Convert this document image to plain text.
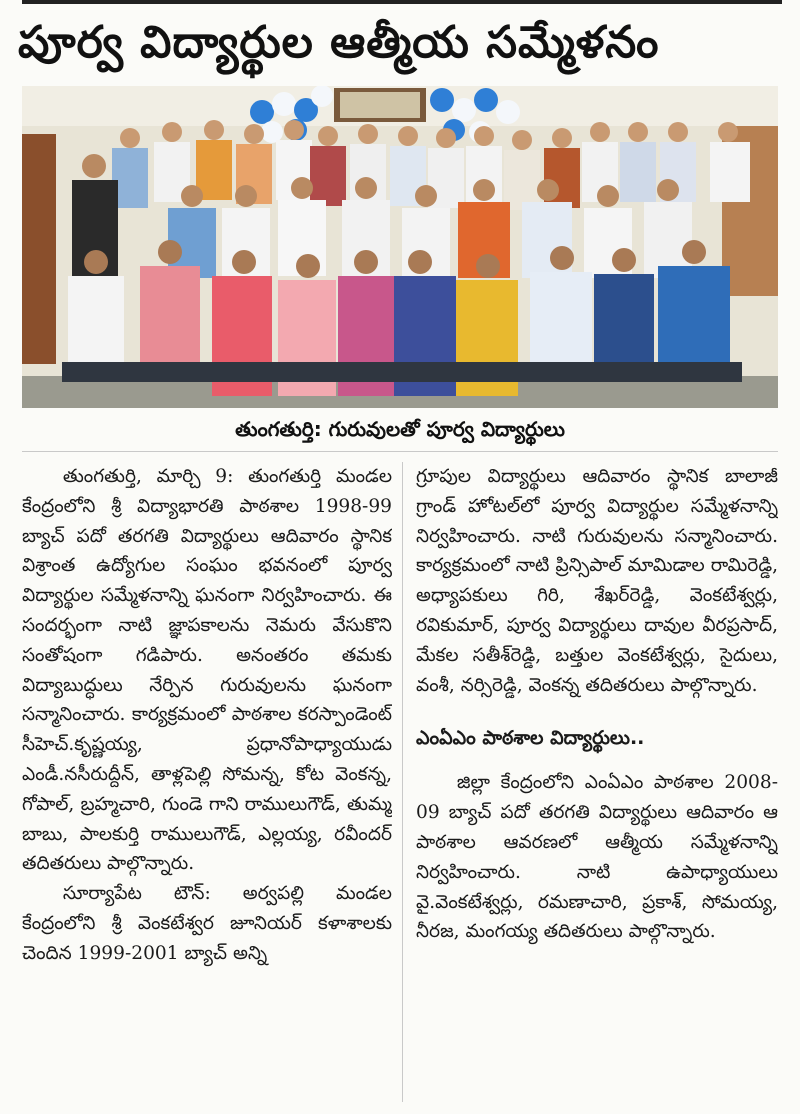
పూర్వ విద్యార్థుల ఆత్మీయ సమ్మేళనం
తుంగతుర్తి: గురువులతో పూర్వ విద్యార్థులు

తుంగతుర్తి, మార్చి 9: తుంగతుర్తి మండల కేంద్రంలోని శ్రీ విద్యాభారతి పాఠశాల 1998-99 బ్యాచ్ పదో తరగతి విద్యార్థులు ఆదివారం స్థానిక విశ్రాంత ఉద్యోగుల సంఘం భవనంలో పూర్వ విద్యార్థుల సమ్మేళనాన్ని ఘనంగా నిర్వహించారు. ఈ సందర్భంగా నాటి జ్ఞాపకాలను నెమరు వేసుకొని సంతోషంగా గడిపారు. అనంతరం తమకు విద్యాబుద్ధులు నేర్పిన గురువులను ఘనంగా సన్మానించారు. కార్యక్రమంలో పాఠశాల కరస్పాండెంట్ సీహెచ్.కృష్ణయ్య, ప్రధానోపాధ్యాయుడు ఎండీ.నసీరుద్దీన్, తాళ్లపెల్లి సోమన్న, కోట వెంకన్న, గోపాల్, బ్రహ్మచారి, గుండె గాని రాములుగౌడ్, తుమ్మ బాబు, పాలకుర్తి రాములుగౌడ్, ఎల్లయ్య, రవీందర్ తదితరులు పాల్గొన్నారు.

సూర్యాపేట టౌన్: అర్వపల్లి మండల కేంద్రంలోని శ్రీ వెంకటేశ్వర జూనియర్ కళాశాలకు చెందిన 1999-2001 బ్యాచ్ అన్ని

గ్రూపుల విద్యార్థులు ఆదివారం స్థానిక బాలాజీ గ్రాండ్ హోటల్‌లో పూర్వ విద్యార్థుల సమ్మేళనాన్ని నిర్వహించారు. నాటి గురువులను సన్మానించారు. కార్యక్రమంలో నాటి ప్రిన్సిపాల్ మామిడాల రామిరెడ్డి, అధ్యాపకులు గిరి, శేఖర్‌రెడ్డి, వెంకటేశ్వర్లు, రవికుమార్, పూర్వ విద్యార్థులు దావుల వీరప్రసాద్, మేకల సతీశ్‌రెడ్డి, బత్తుల వెంకటేశ్వర్లు, సైదులు, వంశీ, నర్సిరెడ్డి, వెంకన్న తదితరులు పాల్గొన్నారు.

ఎంఏఎం పాఠశాల విద్యార్థులు..

జిల్లా కేంద్రంలోని ఎంఏఎం పాఠశాల 2008-09 బ్యాచ్ పదో తరగతి విద్యార్థులు ఆదివారం ఆ పాఠశాల ఆవరణలో ఆత్మీయ సమ్మేళనాన్ని నిర్వహించారు. నాటి ఉపాధ్యాయులు వై.వెంకటేశ్వర్లు, రమణాచారి, ప్రకాశ్, సోమయ్య, నీరజ, మంగయ్య తదితరులు పాల్గొన్నారు.
